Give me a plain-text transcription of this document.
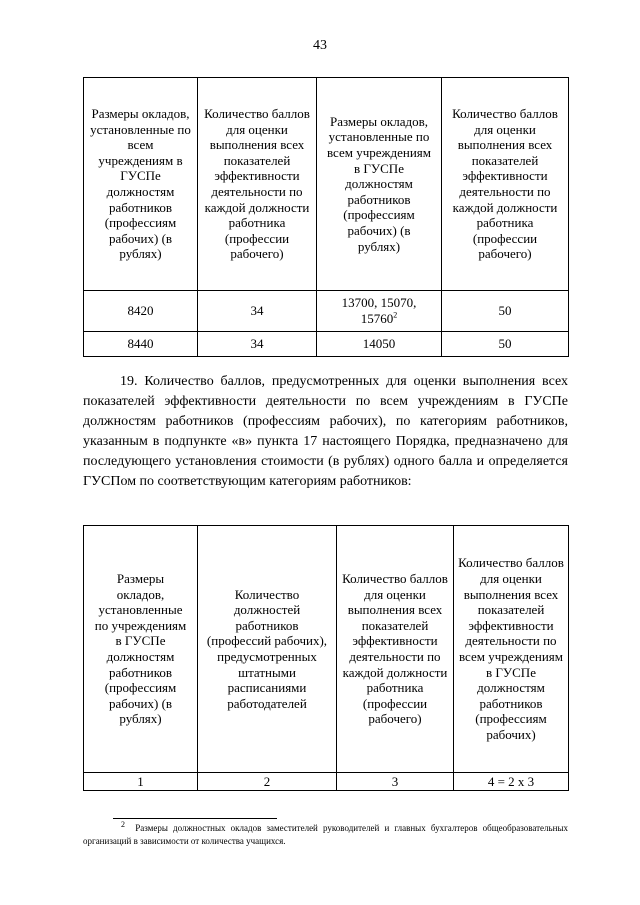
43
Размеры окладов, установленные по всем учреждениям в ГУСПе должностям работников (профессиям рабочих) (в рублях)	Количество баллов для оценки выполнения всех показателей эффективности деятельности по каждой должности работника (профессии рабочего)	Размеры окладов, установленные по всем учреждениям в ГУСПе должностям работников (профессиям рабочих) (в рублях)	Количество баллов для оценки выполнения всех показателей эффективности деятельности по каждой должности работника (профессии рабочего)
8420	34	13700, 15070, 15760$^2$	50
8440	34	14050	50

19. Количество баллов, предусмотренных для оценки выполнения всех показателей эффективности деятельности по всем учреждениям в ГУСПе должностям работников (профессиям рабочих), по категориям работников, указанным в подпункте «в» пункта 17 настоящего Порядка, предназначено для последующего установления стоимости (в рублях) одного балла и определяется ГУСПом по соответствующим категориям работников:

Размеры окладов, установленные по учреждениям в ГУСПе должностям работников (профессиям рабочих) (в рублях)	Количество должностей работников (профессий рабочих), предусмотренных штатными расписаниями работодателей	Количество баллов для оценки выполнения всех показателей эффективности деятельности по каждой должности работника (профессии рабочего)	Количество баллов для оценки выполнения всех показателей эффективности деятельности по всем учреждениям в ГУСПе должностям работников (профессиям рабочих)
1	2	3	4 = 2 x 3

$^2$ Размеры должностных окладов заместителей руководителей и главных бухгалтеров общеобразовательных организаций в зависимости от количества учащихся.
